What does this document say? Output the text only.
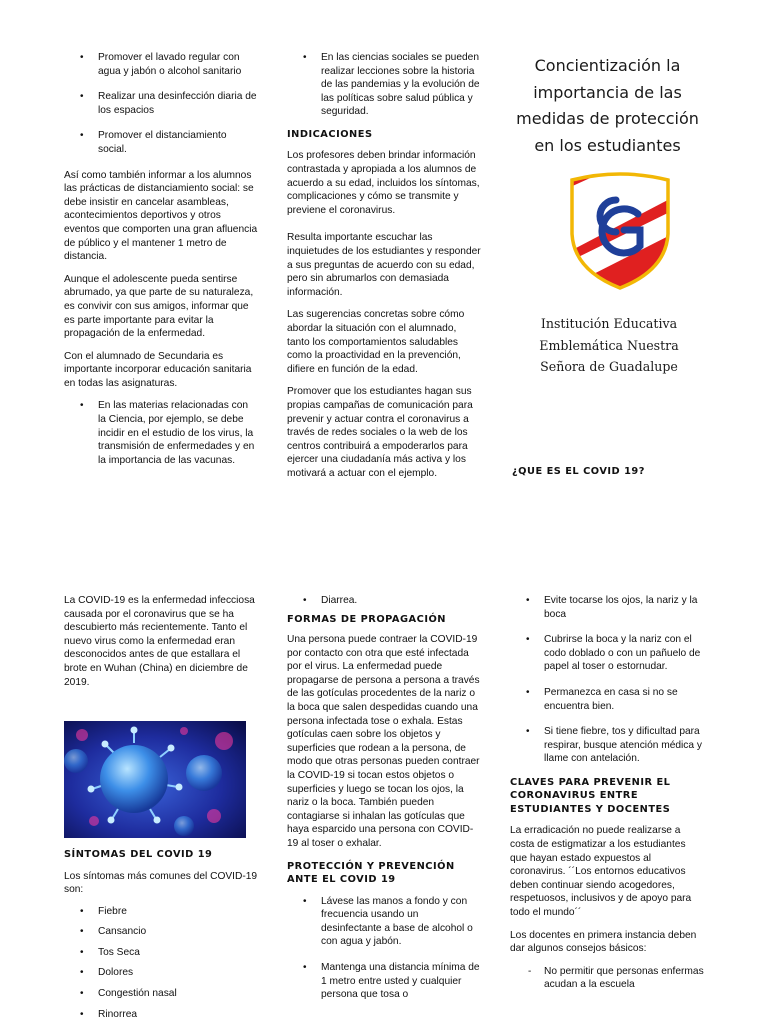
• Promover el lavado regular con agua y jabón o alcohol sanitario
• Realizar una desinfección diaria de los espacios
• Promover el distanciamiento social.

Así como también informar a los alumnos las prácticas de distanciamiento social: se debe insistir en cancelar asambleas, acontecimientos deportivos y otros eventos que comporten una gran afluencia de público y el mantener 1 metro de distancia.

Aunque el adolescente pueda sentirse abrumado, ya que parte de su naturaleza, es convivir con sus amigos, informar que es parte importante para evitar la propagación de la enfermedad.

Con el alumnado de Secundaria es importante incorporar educación sanitaria en todas las asignaturas.

• En las materias relacionadas con la Ciencia, por ejemplo, se debe incidir en el estudio de los virus, la transmisión de enfermedades y en la importancia de las vacunas.
• En las ciencias sociales se pueden realizar lecciones sobre la historia de las pandemias y la evolución de las políticas sobre salud pública y seguridad.
INDICACIONES

Los profesores deben brindar información contrastada y apropiada a los alumnos de acuerdo a su edad, incluidos los síntomas, complicaciones y cómo se transmite y previene el coronavirus.

Resulta importante escuchar las inquietudes de los estudiantes y responder a sus preguntas de acuerdo con su edad, pero sin abrumarlos con demasiada información.

Las sugerencias concretas sobre cómo abordar la situación con el alumnado, tanto los comportamientos saludables como la proactividad en la prevención, difiere en función de la edad.

Promover que los estudiantes hagan sus propias campañas de comunicación para prevenir y actuar contra el coronavirus a través de redes sociales o la web de los centros contribuirá a empoderarlos para ejercer una ciudadanía más activa y los motivará a actuar con el ejemplo.

Concientización la importancia de las medidas de protección en los estudiantes
Institución Educativa Emblemática Nuestra Señora de Guadalupe
¿QUE ES EL COVID 19?

La COVID-19 es la enfermedad infecciosa causada por el coronavirus que se ha descubierto más recientemente. Tanto el nuevo virus como la enfermedad eran desconocidos antes de que estallara el brote en Wuhan (China) en diciembre de 2019.

SÍNTOMAS DEL COVID 19

Los síntomas más comunes del COVID-19 son:

• Fiebre
• Cansancio
• Tos Seca
• Dolores
• Congestión nasal
• Rinorrea
• Diarrea.
FORMAS DE PROPAGACIÓN

Una persona puede contraer la COVID-19 por contacto con otra que esté infectada por el virus. La enfermedad puede propagarse de persona a persona a través de las gotículas procedentes de la nariz o la boca que salen despedidas cuando una persona infectada tose o exhala. Estas gotículas caen sobre los objetos y superficies que rodean a la persona, de modo que otras personas pueden contraer la COVID-19 si tocan estos objetos o superficies y luego se tocan los ojos, la nariz o la boca. También pueden contagiarse si inhalan las gotículas que haya esparcido una persona con COVID-19 al toser o exhalar.

PROTECCIÓN Y PREVENCIÓN ANTE EL COVID 19
• Lávese las manos a fondo y con frecuencia usando un desinfectante a base de alcohol o con agua y jabón.
• Mantenga una distancia mínima de 1 metro entre usted y cualquier persona que tosa o
• Evite tocarse los ojos, la nariz y la boca
• Cubrirse la boca y la nariz con el codo doblado o con un pañuelo de papel al toser o estornudar.
• Permanezca en casa si no se encuentra bien.
• Si tiene fiebre, tos y dificultad para respirar, busque atención médica y llame con antelación.
CLAVES PARA PREVENIR EL CORONAVIRUS ENTRE ESTUDIANTES Y DOCENTES

La erradicación no puede realizarse a costa de estigmatizar a los estudiantes que hayan estado expuestos al coronavirus. ´´Los entornos educativos deben continuar siendo acogedores, respetuosos, inclusivos y de apoyo para todo el mundo´´

Los docentes en primera instancia deben dar algunos consejos básicos:

- No permitir que personas enfermas acudan a la escuela
